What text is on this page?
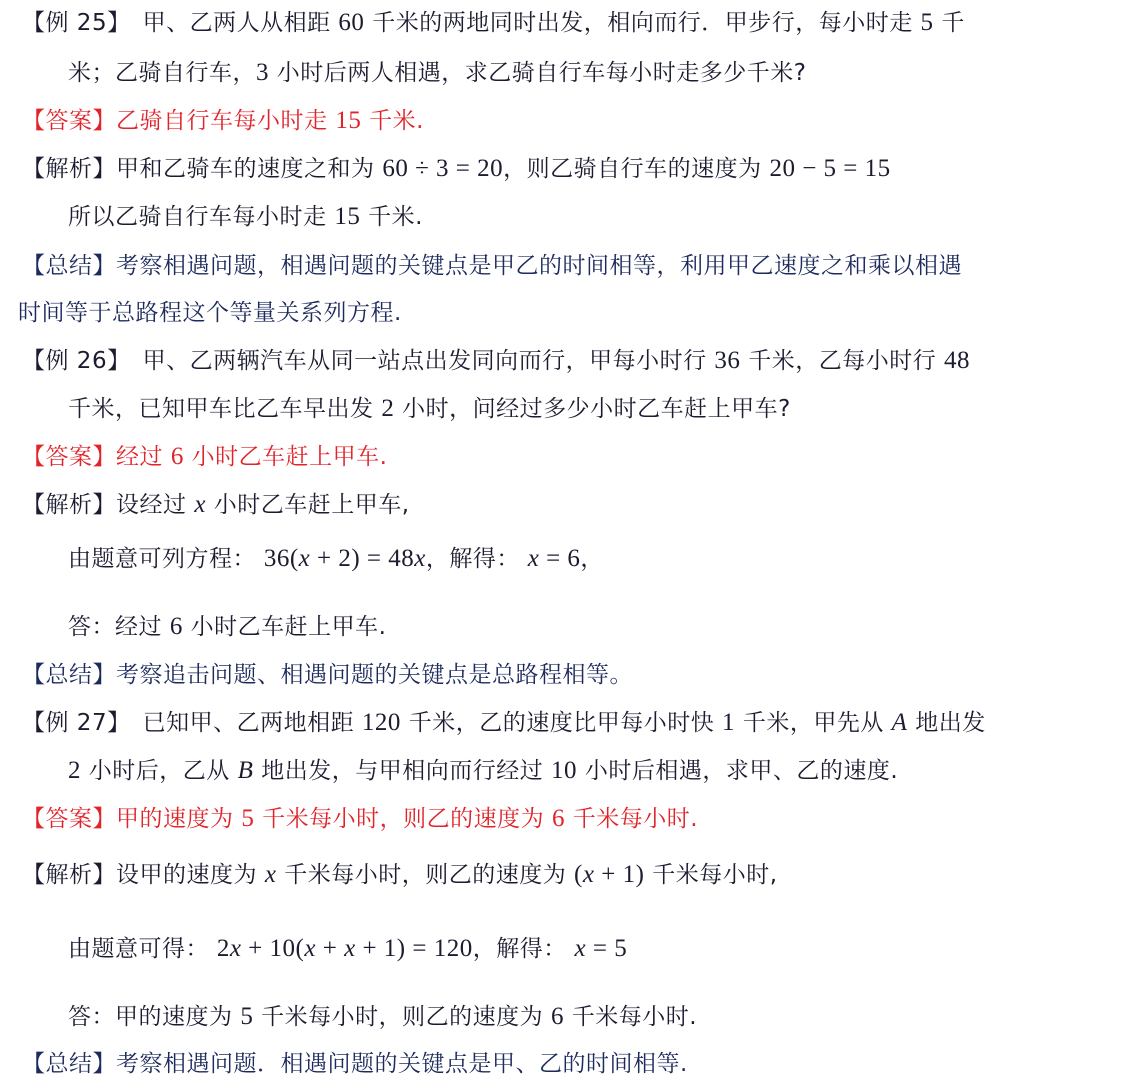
【例 25】　甲、乙两人从相距 60 千米的两地同时出发，相向而行．甲步行，每小时走 5 千
米；乙骑自行车，3 小时后两人相遇，求乙骑自行车每小时走多少千米?
【答案】乙骑自行车每小时走 15 千米.
【解析】甲和乙骑车的速度之和为 60 ÷ 3 = 20，则乙骑自行车的速度为 20 − 5 = 15
所以乙骑自行车每小时走 15 千米.
【总结】考察相遇问题，相遇问题的关键点是甲乙的时间相等，利用甲乙速度之和乘以相遇
时间等于总路程这个等量关系列方程.
【例 26】　甲、乙两辆汽车从同一站点出发同向而行，甲每小时行 36 千米，乙每小时行 48
千米，已知甲车比乙车早出发 2 小时，问经过多少小时乙车赶上甲车?
【答案】经过 6 小时乙车赶上甲车.
【解析】设经过 x 小时乙车赶上甲车,
由题意可列方程： 36(x + 2) = 48x，解得： x = 6，
答：经过 6 小时乙车赶上甲车.
【总结】考察追击问题、相遇问题的关键点是总路程相等。
【例 27】　已知甲、乙两地相距 120 千米，乙的速度比甲每小时快 1 千米，甲先从 A 地出发
2 小时后，乙从 B 地出发，与甲相向而行经过 10 小时后相遇，求甲、乙的速度.
【答案】甲的速度为 5 千米每小时，则乙的速度为 6 千米每小时.
【解析】设甲的速度为 x 千米每小时，则乙的速度为 (x + 1) 千米每小时,
由题意可得： 2x + 10(x + x + 1) = 120，解得： x = 5
答：甲的速度为 5 千米每小时，则乙的速度为 6 千米每小时.
【总结】考察相遇问题．相遇问题的关键点是甲、乙的时间相等.
